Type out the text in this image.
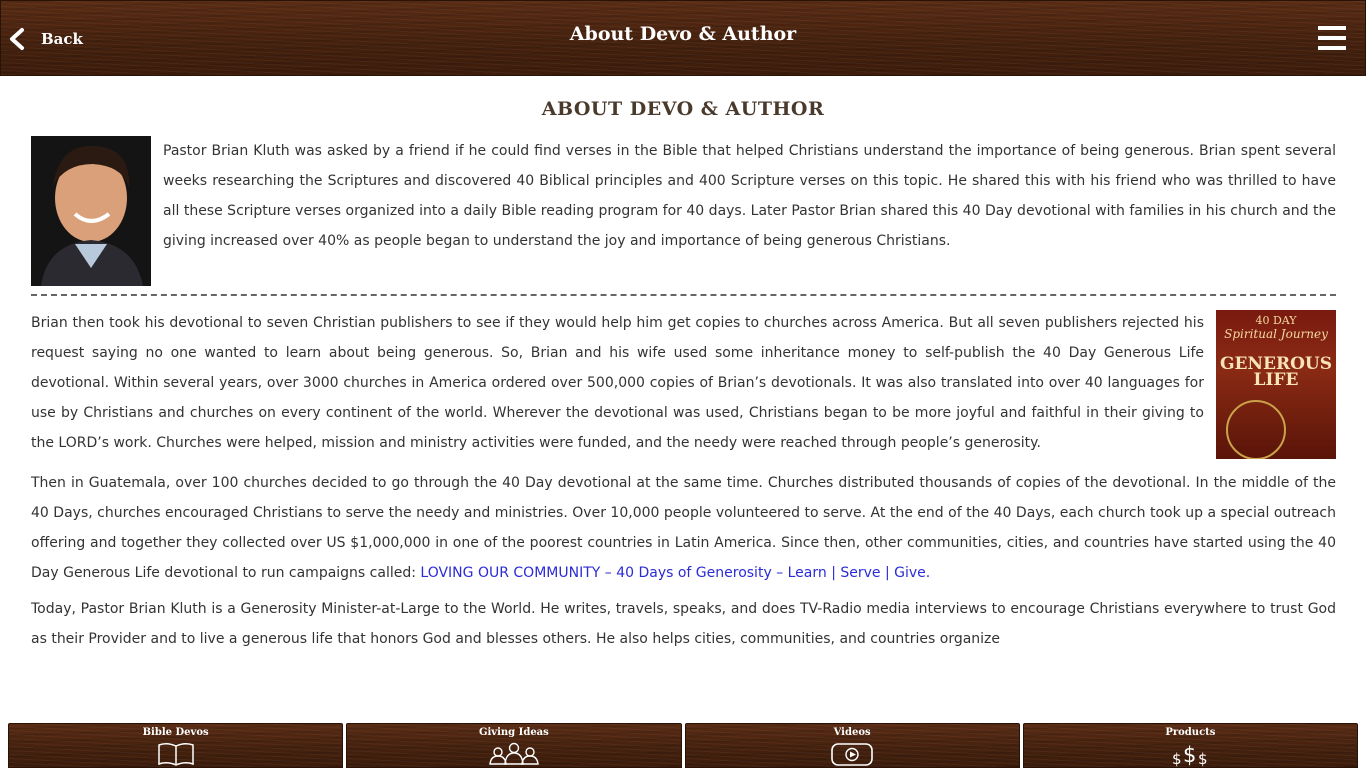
Back	About Devo & Author
ABOUT DEVO & AUTHOR

Pastor Brian Kluth was asked by a friend if he could find verses in the Bible that helped Christians understand the importance of being generous. Brian spent several weeks researching the Scriptures and discovered 40 Biblical principles and 400 Scripture verses on this topic. He shared this with his friend who was thrilled to have all these Scripture verses organized into a daily Bible reading program for 40 days. Later Pastor Brian shared this 40 Day devotional with families in his church and the giving increased over 40% as people began to understand the joy and importance of being generous Christians.

40 DAY
Spiritual Journey
GENEROUS LIFE

Brian then took his devotional to seven Christian publishers to see if they would help him get copies to churches across America. But all seven publishers rejected his request saying no one wanted to learn about being generous. So, Brian and his wife used some inheritance money to self-publish the 40 Day Generous Life devotional. Within several years, over 3000 churches in America ordered over 500,000 copies of Brian’s devotionals. It was also translated into over 40 languages for use by Christians and churches on every continent of the world. Wherever the devotional was used, Christians began to be more joyful and faithful in their giving to the LORD’s work. Churches were helped, mission and ministry activities were funded, and the needy were reached through people’s generosity.

Then in Guatemala, over 100 churches decided to go through the 40 Day devotional at the same time. Churches distributed thousands of copies of the devotional. In the middle of the 40 Days, churches encouraged Christians to serve the needy and ministries. Over 10,000 people volunteered to serve. At the end of the 40 Days, each church took up a special outreach offering and together they collected over US $1,000,000 in one of the poorest countries in Latin America. Since then, other communities, cities, and countries have started using the 40 Day Generous Life devotional to run campaigns called: LOVING OUR COMMUNITY – 40 Days of Generosity – Learn | Serve | Give.

Today, Pastor Brian Kluth is a Generosity Minister-at-Large to the World. He writes, travels, speaks, and does TV-Radio media interviews to encourage Christians everywhere to trust God as their Provider and to live a generous life that honors God and blesses others. He also helps cities, communities, and countries organize

Bible Devos	Giving Ideas	Videos	Products
$ $ $
